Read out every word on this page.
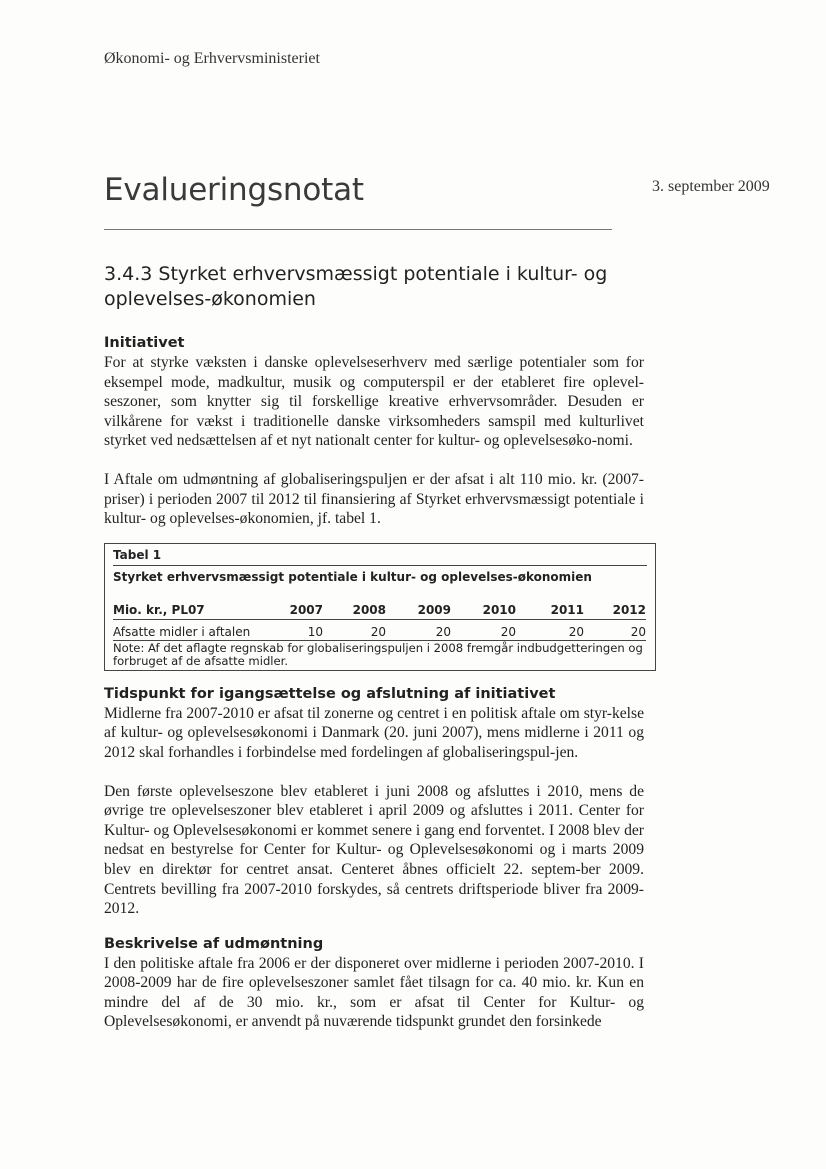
Økonomi- og Erhvervsministeriet
Evalueringsnotat	3. september 2009
3.4.3 Styrket erhvervsmæssigt potentiale i kultur- og oplevelses-økonomien
Initiativet

For at styrke væksten i danske oplevelseserhverv med særlige potentialer som for eksempel mode, madkultur, musik og computerspil er der etableret fire oplevel-seszoner, som knytter sig til forskellige kreative erhvervsområder. Desuden er vilkårene for vækst i traditionelle danske virksomheders samspil med kulturlivet styrket ved nedsættelsen af et nyt nationalt center for kultur- og oplevelsesøko-nomi.

I Aftale om udmøntning af globaliseringspuljen er der afsat i alt 110 mio. kr. (2007-priser) i perioden 2007 til 2012 til finansiering af Styrket erhvervsmæssigt potentiale i kultur- og oplevelses-økonomien, jf. tabel 1.

Tabel 1
Styrket erhvervsmæssigt potentiale i kultur- og oplevelses-økonomien
Mio. kr., PL07	2007	2008	2009	2010	2011	2012
Afsatte midler i aftalen	10	20	20	20	20	20
Note: Af det aflagte regnskab for globaliseringspuljen i 2008 fremgår indbudgetteringen og forbruget af de afsatte midler.
Tidspunkt for igangsættelse og afslutning af initiativet

Midlerne fra 2007-2010 er afsat til zonerne og centret i en politisk aftale om styr-kelse af kultur- og oplevelsesøkonomi i Danmark (20. juni 2007), mens midlerne i 2011 og 2012 skal forhandles i forbindelse med fordelingen af globaliseringspul-jen.

Den første oplevelseszone blev etableret i juni 2008 og afsluttes i 2010, mens de øvrige tre oplevelseszoner blev etableret i april 2009 og afsluttes i 2011. Center for Kultur- og Oplevelsesøkonomi er kommet senere i gang end forventet. I 2008 blev der nedsat en bestyrelse for Center for Kultur- og Oplevelsesøkonomi og i marts 2009 blev en direktør for centret ansat. Centeret åbnes officielt 22. septem-ber 2009. Centrets bevilling fra 2007-2010 forskydes, så centrets driftsperiode bliver fra 2009-2012.

Beskrivelse af udmøntning

I den politiske aftale fra 2006 er der disponeret over midlerne i perioden 2007-2010. I 2008-2009 har de fire oplevelseszoner samlet fået tilsagn for ca. 40 mio. kr. Kun en mindre del af de 30 mio. kr., som er afsat til Center for Kultur- og Oplevelsesøkonomi, er anvendt på nuværende tidspunkt grundet den forsinkede
